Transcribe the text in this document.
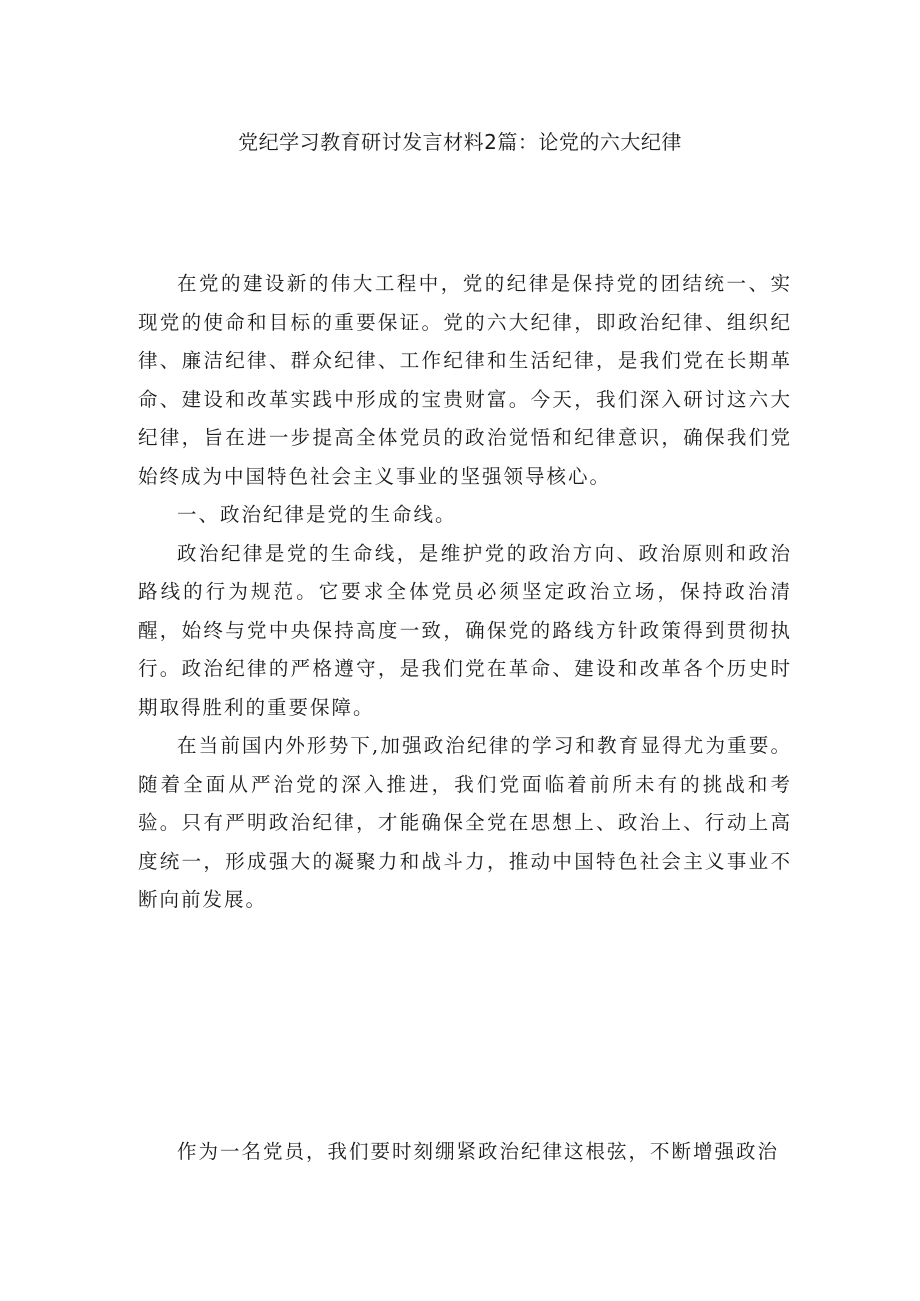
党纪学习教育研讨发言材料2篇：论党的六大纪律

在党的建设新的伟大工程中，党的纪律是保持党的团结统一、实现党的使命和目标的重要保证。党的六大纪律，即政治纪律、组织纪律、廉洁纪律、群众纪律、工作纪律和生活纪律，是我们党在长期革命、建设和改革实践中形成的宝贵财富。今天，我们深入研讨这六大纪律，旨在进一步提高全体党员的政治觉悟和纪律意识，确保我们党始终成为中国特色社会主义事业的坚强领导核心。

一、政治纪律是党的生命线。

政治纪律是党的生命线，是维护党的政治方向、政治原则和政治路线的行为规范。它要求全体党员必须坚定政治立场，保持政治清醒，始终与党中央保持高度一致，确保党的路线方针政策得到贯彻执行。政治纪律的严格遵守，是我们党在革命、建设和改革各个历史时期取得胜利的重要保障。

在当前国内外形势下,加强政治纪律的学习和教育显得尤为重要。随着全面从严治党的深入推进，我们党面临着前所未有的挑战和考验。只有严明政治纪律，才能确保全党在思想上、政治上、行动上高度统一，形成强大的凝聚力和战斗力，推动中国特色社会主义事业不断向前发展。

作为一名党员，我们要时刻绷紧政治纪律这根弦，不断增强政治
